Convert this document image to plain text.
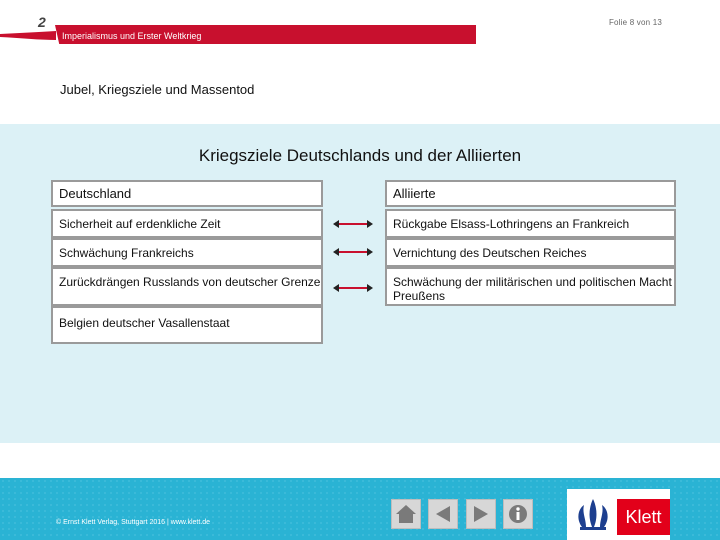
2	Folie 8 von 13
Imperialismus und Erster Weltkrieg
Jubel, Kriegsziele und Massentod
Kriegsziele Deutschlands und der Alliierten
Deutschland	Alliierte
Sicherheit auf erdenkliche Zeit	Rückgabe Elsass-Lothringens an Frankreich
Schwächung Frankreichs	Vernichtung des Deutschen Reiches
Zurückdrängen Russlands von deutscher Grenze	Schwächung der militärischen und politischen Macht Preußens
Belgien deutscher Vasallenstaat
© Ernst Klett Verlag, Stuttgart 2016 | www.klett.de	Klett
